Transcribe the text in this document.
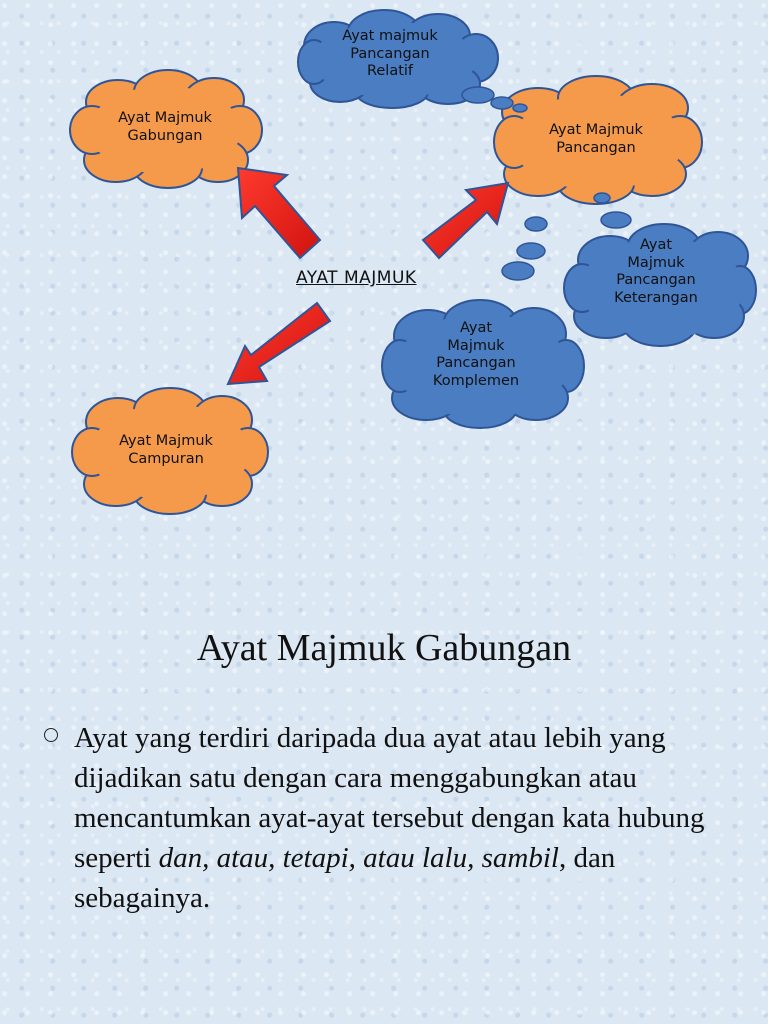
AYAT MAJMUK
Ayat Majmuk
Gabungan	Ayat Majmuk
Pancangan
Ayat Majmuk
Campuran
Ayat majmuk
Pancangan
Relatif
Ayat
Majmuk
Pancangan
Keterangan
Ayat
Majmuk
Pancangan
Komplemen
Ayat Majmuk Gabungan
Ayat yang terdiri daripada dua ayat atau lebih yang dijadikan satu dengan cara menggabungkan atau mencantumkan ayat-ayat tersebut dengan kata hubung seperti dan, atau, tetapi, atau lalu, sambil, dan sebagainya.
